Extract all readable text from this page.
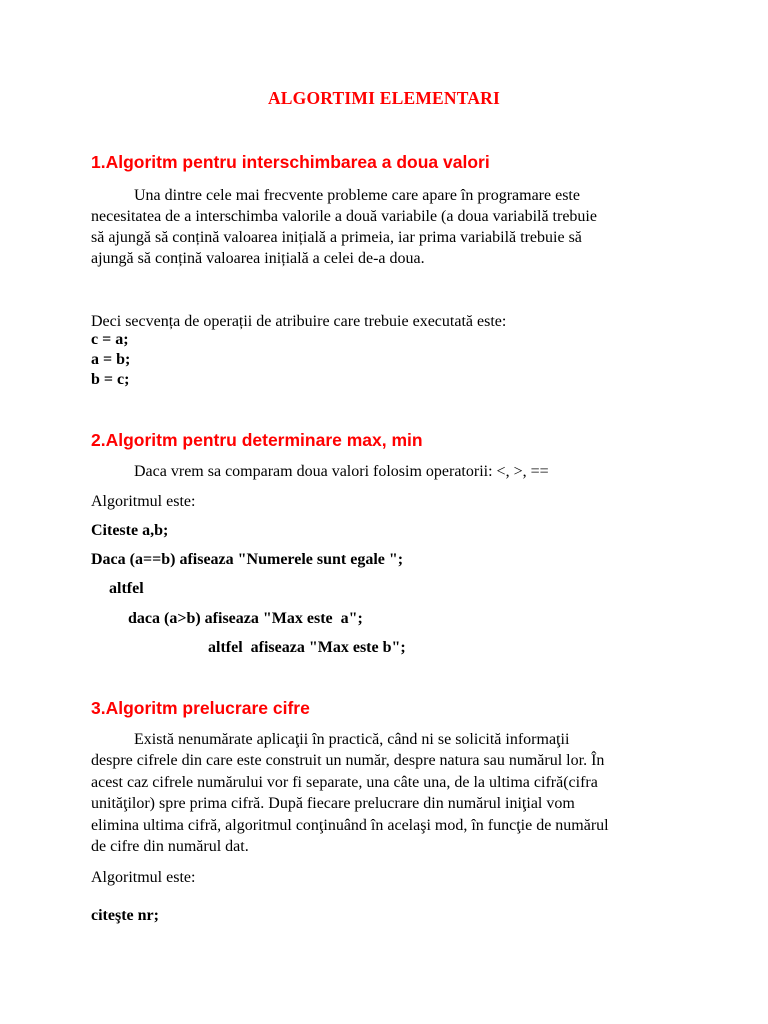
ALGORTIMI ELEMENTARI
1.Algoritm pentru interschimbarea a doua valori

Una dintre cele mai frecvente probleme care apare în programare este

necesitatea de a interschimba valorile a două variabile (a doua variabilă trebuie

să ajungă să conțină valoarea inițială a primeia, iar prima variabilă trebuie să

ajungă să conțină valoarea inițială a celei de-a doua.

Deci secvența de operații de atribuire care trebuie executată este:

c = a;

a = b;

b = c;

2.Algoritm pentru determinare max, min

Daca vrem sa comparam doua valori folosim operatorii: <, >, ==

Algoritmul este:

Citeste a,b;

Daca (a==b) afiseaza "Numerele sunt egale ";

altfel

daca (a>b) afiseaza "Max este  a";

altfel  afiseaza "Max este b";

3.Algoritm prelucrare cifre

Există nenumărate aplicaţii în practică, când ni se solicită informaţii

despre cifrele din care este construit un număr, despre natura sau numărul lor. În

acest caz cifrele numărului vor fi separate, una câte una, de la ultima cifră(cifra

unităţilor) spre prima cifră. După fiecare prelucrare din numărul iniţial vom

elimina ultima cifră, algoritmul conţinuând în acelaşi mod, în funcţie de numărul

de cifre din numărul dat.

Algoritmul este:

citeşte nr;
